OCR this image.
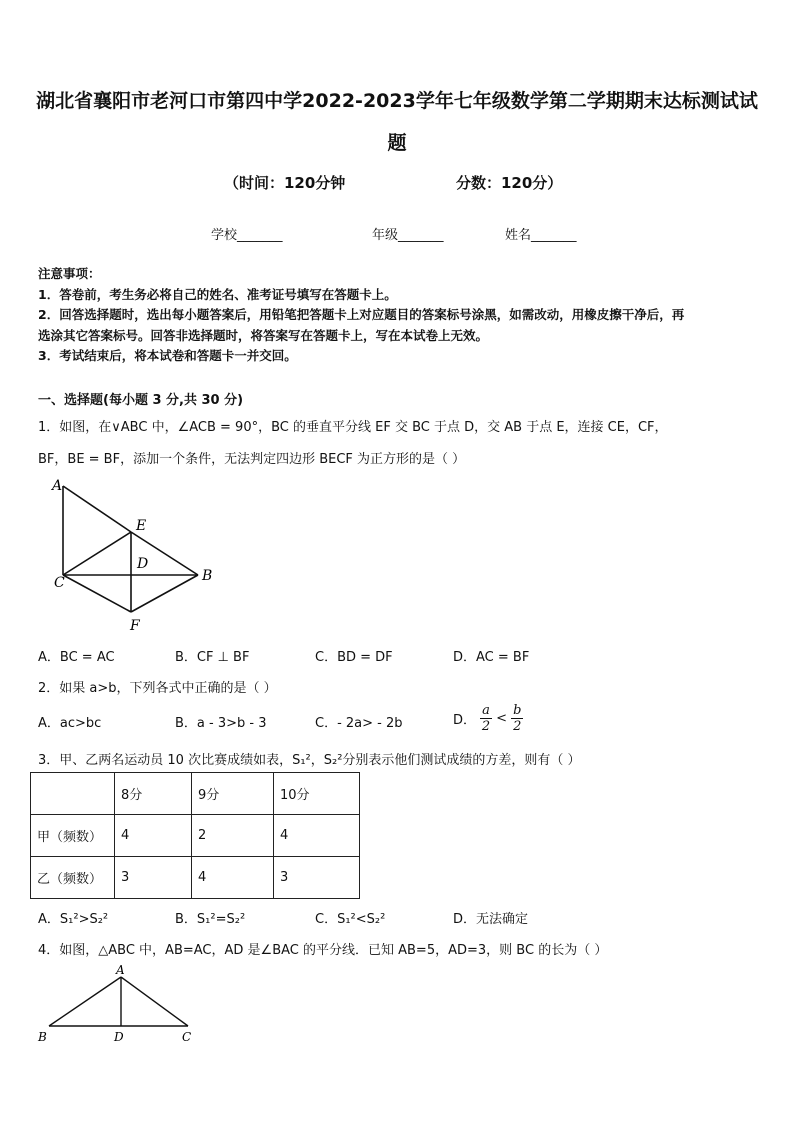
湖北省襄阳市老河口市第四中学2022-2023学年七年级数学第二学期期末达标测试试
题
（时间：120分钟	分数：120分）
学校_______	年级_______	姓名_______
注意事项：
1．答卷前，考生务必将自己的姓名、准考证号填写在答题卡上。
2．回答选择题时，选出每小题答案后，用铅笔把答题卡上对应题目的答案标号涂黑，如需改动，用橡皮擦干净后，再
选涂其它答案标号。回答非选择题时，将答案写在答题卡上，写在本试卷上无效。
3．考试结束后，将本试卷和答题卡一并交回。
一、选择题(每小题 3 分,共 30 分)
1．如图，在∨ABC 中，∠ACB = 90°，BC 的垂直平分线 EF 交 BC 于点 D，交 AB 于点 E，连接 CE，CF，
BF，BE = BF，添加一个条件，无法判定四边形 BECF 为正方形的是（ ）
A
E
D
C	B
F
A．BC = AC	B．CF ⊥ BF	C．BD = DF	D．AC = BF
2．如果 a>b，下列各式中正确的是（ ）
A．ac>bc	B．a - 3>b - 3	C．- 2a> - 2b	D． $\frac{a}{2} < \frac{b}{2}$
3．甲、乙两名运动员 10 次比赛成绩如表，S₁²，S₂²分别表示他们测试成绩的方差，则有（ ）
	8分	9分	10分
甲（频数）	4	2	4
乙（频数）	3	4	3
A．S₁²>S₂²	B．S₁²=S₂²	C．S₁²<S₂²	D．无法确定
4．如图，△ABC 中，AB=AC，AD 是∠BAC 的平分线．已知 AB=5，AD=3，则 BC 的长为（ ）
A
B	D	C
